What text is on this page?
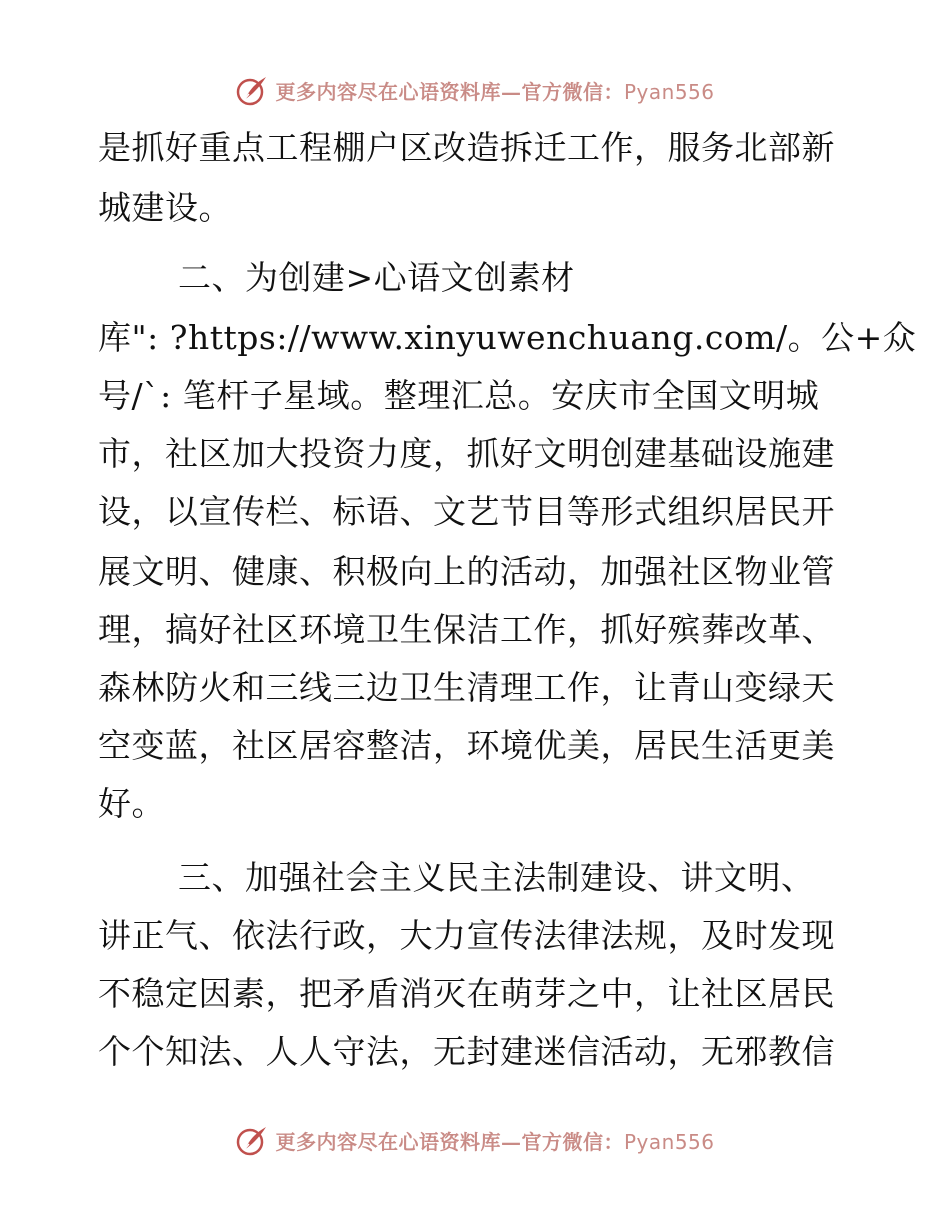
更多内容尽在心语资料库—官方微信：Pyan556
是抓好重点工程棚户区改造拆迁工作，服务北部新
城建设。
二、为创建>心语文创素材
库": ?https://www.xinyuwenchuang.com/。公+众
号/`: 笔杆子星域。整理汇总。安庆市全国文明城
市，社区加大投资力度，抓好文明创建基础设施建
设，以宣传栏、标语、文艺节目等形式组织居民开
展文明、健康、积极向上的活动，加强社区物业管
理，搞好社区环境卫生保洁工作，抓好殡葬改革、
森林防火和三线三边卫生清理工作，让青山变绿天
空变蓝，社区居容整洁，环境优美，居民生活更美
好。
三、加强社会主义民主法制建设、讲文明、
讲正气、依法行政，大力宣传法律法规，及时发现
不稳定因素，把矛盾消灭在萌芽之中，让社区居民
个个知法、人人守法，无封建迷信活动，无邪教信
更多内容尽在心语资料库—官方微信：Pyan556
